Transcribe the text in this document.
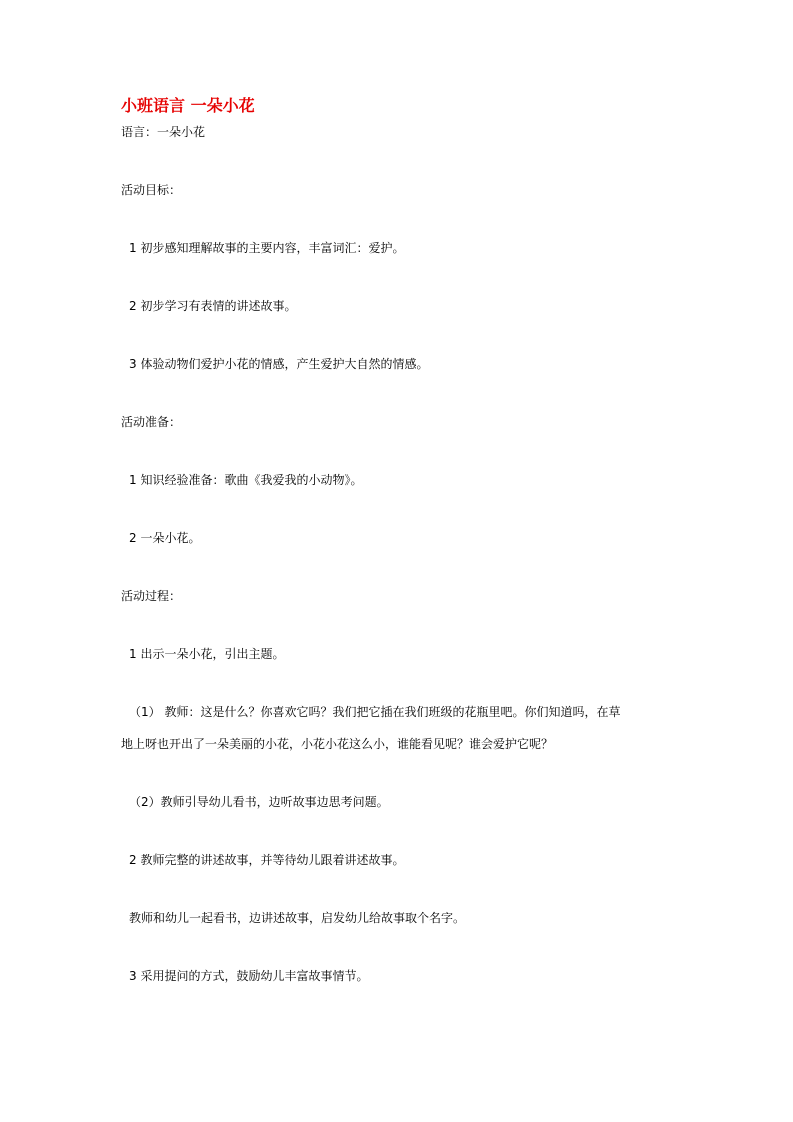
小班语言 一朵小花
语言：一朵小花
活动目标：
1 初步感知理解故事的主要内容，丰富词汇：爱护。
2 初步学习有表情的讲述故事。
3 体验动物们爱护小花的情感，产生爱护大自然的情感。
活动准备：
1 知识经验准备：歌曲《我爱我的小动物》。
2 一朵小花。
活动过程：
1 出示一朵小花，引出主题。
（1） 教师：这是什么？你喜欢它吗？我们把它插在我们班级的花瓶里吧。你们知道吗，在草
地上呀也开出了一朵美丽的小花，小花小花这么小，谁能看见呢？谁会爱护它呢？
（2）教师引导幼儿看书，边听故事边思考问题。
2 教师完整的讲述故事，并等待幼儿跟着讲述故事。
教师和幼儿一起看书，边讲述故事，启发幼儿给故事取个名字。
3 采用提问的方式，鼓励幼儿丰富故事情节。
